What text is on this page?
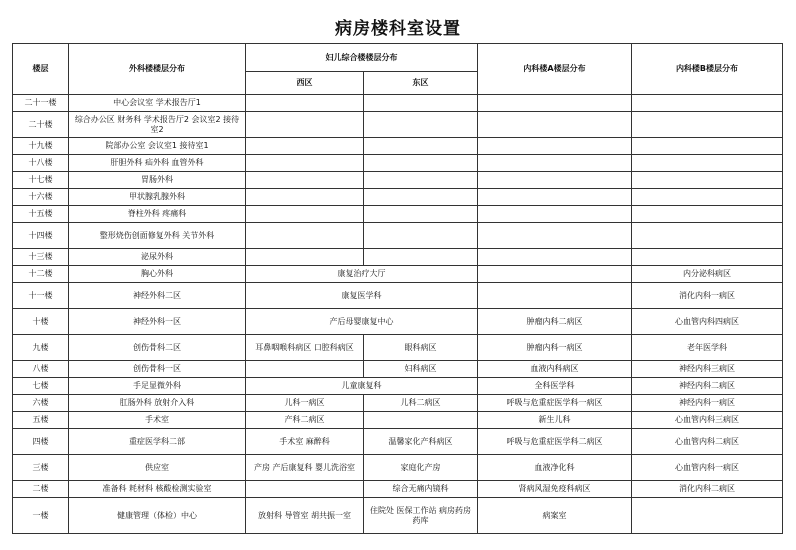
病房楼科室设置
楼层	外科楼楼层分布	妇儿综合楼楼层分布		内科楼A楼层分布	内科楼B楼层分布
		西区	东区		
二十一楼	中心会议室 学术报告厅1				
二十楼	综合办公区 财务科 学术报告厅2 会议室2 接待室2				
十九楼	院部办公室 会议室1 接待室1				
十八楼	肝胆外科 疝外科 血管外科				
十七楼	胃肠外科				
十六楼	甲状腺乳腺外科				
十五楼	脊柱外科 疼痛科				
十四楼	整形烧伤创面修复外科 关节外科				
十三楼	泌尿外科				
十二楼	胸心外科	康复治疗大厅			内分泌科病区
十一楼	神经外科二区	康复医学科			消化内科一病区
十楼	神经外科一区	产后母婴康复中心		肿瘤内科二病区	心血管内科四病区
九楼	创伤骨科二区	耳鼻咽喉科病区 口腔科病区	眼科病区	肿瘤内科一病区	老年医学科
八楼	创伤骨科一区		妇科病区	血液内科病区	神经内科三病区
七楼	手足显微外科	儿童康复科		全科医学科	神经内科二病区
六楼	肛肠外科 放射介入科	儿科一病区	儿科二病区	呼吸与危重症医学科一病区	神经内科一病区
五楼	手术室	产科二病区		新生儿科	心血管内科三病区
四楼	重症医学科二部	手术室 麻醉科	温馨家化产科病区	呼吸与危重症医学科二病区	心血管内科二病区
三楼	供应室	产房 产后康复科 婴儿洗浴室	家庭化产房	血液净化科	心血管内科一病区
二楼	准备科 耗材科 核酸检测实验室		综合无痛内镜科	肾病风湿免疫科病区	消化内科二病区
一楼	健康管理（体检）中心	放射科 导管室 胡共振一室	住院处 医保工作站 病房药房 药库	病案室	
